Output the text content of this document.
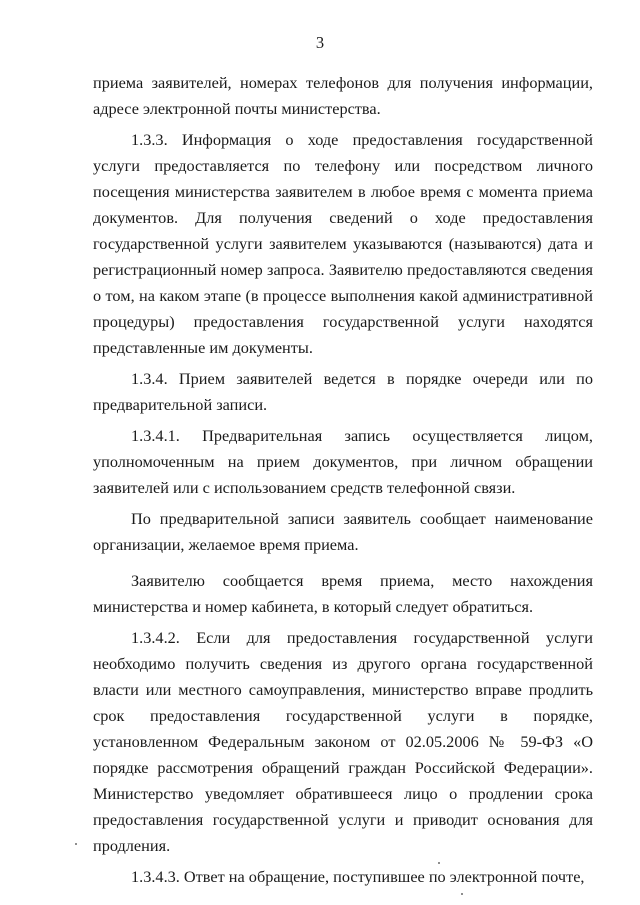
3

приема заявителей, номерах телефонов для получения информации, адресе электронной почты министерства.

1.3.3. Информация о ходе предоставления государственной услуги предоставляется по телефону или посредством личного посещения министерства заявителем в любое время с момента приема документов. Для получения сведений о ходе предоставления государственной услуги заявителем указываются (называются) дата и регистрационный номер запроса. Заявителю предоставляются сведения о том, на каком этапе (в процессе выполнения какой административной процедуры) предоставления государственной услуги находятся представленные им документы.

1.3.4. Прием заявителей ведется в порядке очереди или по предварительной записи.

1.3.4.1. Предварительная запись осуществляется лицом, уполномоченным на прием документов, при личном обращении заявителей или с использованием средств телефонной связи.

По предварительной записи заявитель сообщает наименование организации, желаемое время приема.

Заявителю сообщается время приема, место нахождения министерства и номер кабинета, в который следует обратиться.

1.3.4.2. Если для предоставления государственной услуги необходимо получить сведения из другого органа государственной власти или местного самоуправления, министерство вправе продлить срок предоставления государственной услуги в порядке, установленном Федеральным законом от 02.05.2006 № 59-ФЗ «О порядке рассмотрения обращений граждан Российской Федерации». Министерство уведомляет обратившееся лицо о продлении срока предоставления государственной услуги и приводит основания для продления.

1.3.4.3. Ответ на обращение, поступившее по электронной почте,
